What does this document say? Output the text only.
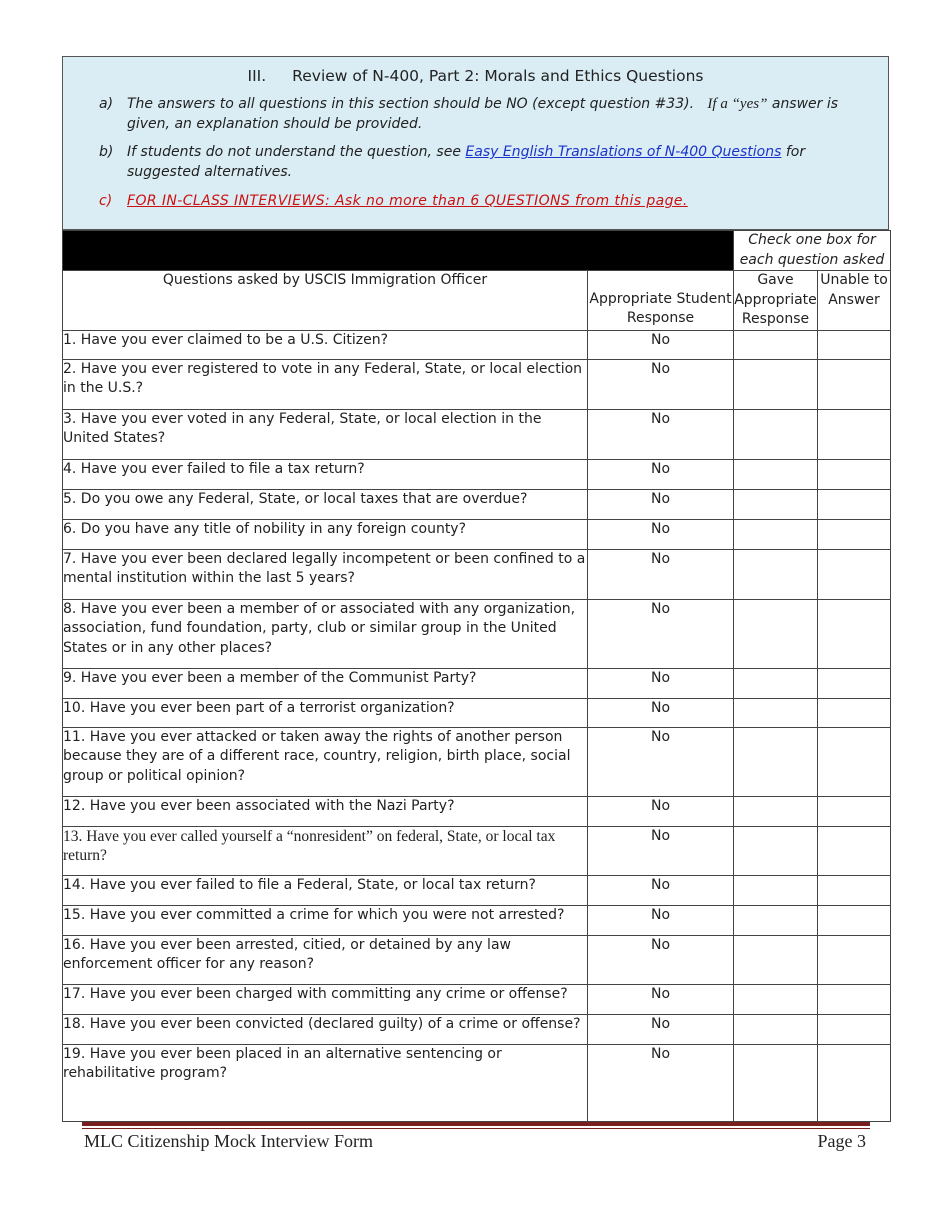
III. Review of N-400, Part 2: Morals and Ethics Questions
a) The answers to all questions in this section should be NO (except question #33). If a “yes” answer is given, an explanation should be provided.
b) If students do not understand the question, see Easy English Translations of N-400 Questions for suggested alternatives.
c) FOR IN-CLASS INTERVIEWS: Ask no more than 6 QUESTIONS from this page.
		Check one box for each question asked	
Questions asked by USCIS Immigration Officer	Appropriate Student Response	Gave Appropriate Response	Unable to Answer
1. Have you ever claimed to be a U.S. Citizen?	No		
2. Have you ever registered to vote in any Federal, State, or local election in the U.S.?	No		
3. Have you ever voted in any Federal, State, or local election in the United States?	No		
4. Have you ever failed to file a tax return?	No		
5. Do you owe any Federal, State, or local taxes that are overdue?	No		
6. Do you have any title of nobility in any foreign county?	No		
7. Have you ever been declared legally incompetent or been confined to a mental institution within the last 5 years?	No		
8. Have you ever been a member of or associated with any organization, association, fund foundation, party, club or similar group in the United States or in any other places?	No		
9. Have you ever been a member of the Communist Party?	No		
10. Have you ever been part of a terrorist organization?	No		
11. Have you ever attacked or taken away the rights of another person because they are of a different race, country, religion, birth place, social group or political opinion?	No		
12. Have you ever been associated with the Nazi Party?	No		
13. Have you ever called yourself a “nonresident” on federal, State, or local tax return?	No		
14. Have you ever failed to file a Federal, State, or local tax return?	No		
15. Have you ever committed a crime for which you were not arrested?	No		
16. Have you ever been arrested, citied, or detained by any law enforcement officer for any reason?	No		
17. Have you ever been charged with committing any crime or offense?	No		
18. Have you ever been convicted (declared guilty) of a crime or offense?	No		
19. Have you ever been placed in an alternative sentencing or rehabilitative program?	No		
MLC Citizenship Mock Interview Form	Page 3
